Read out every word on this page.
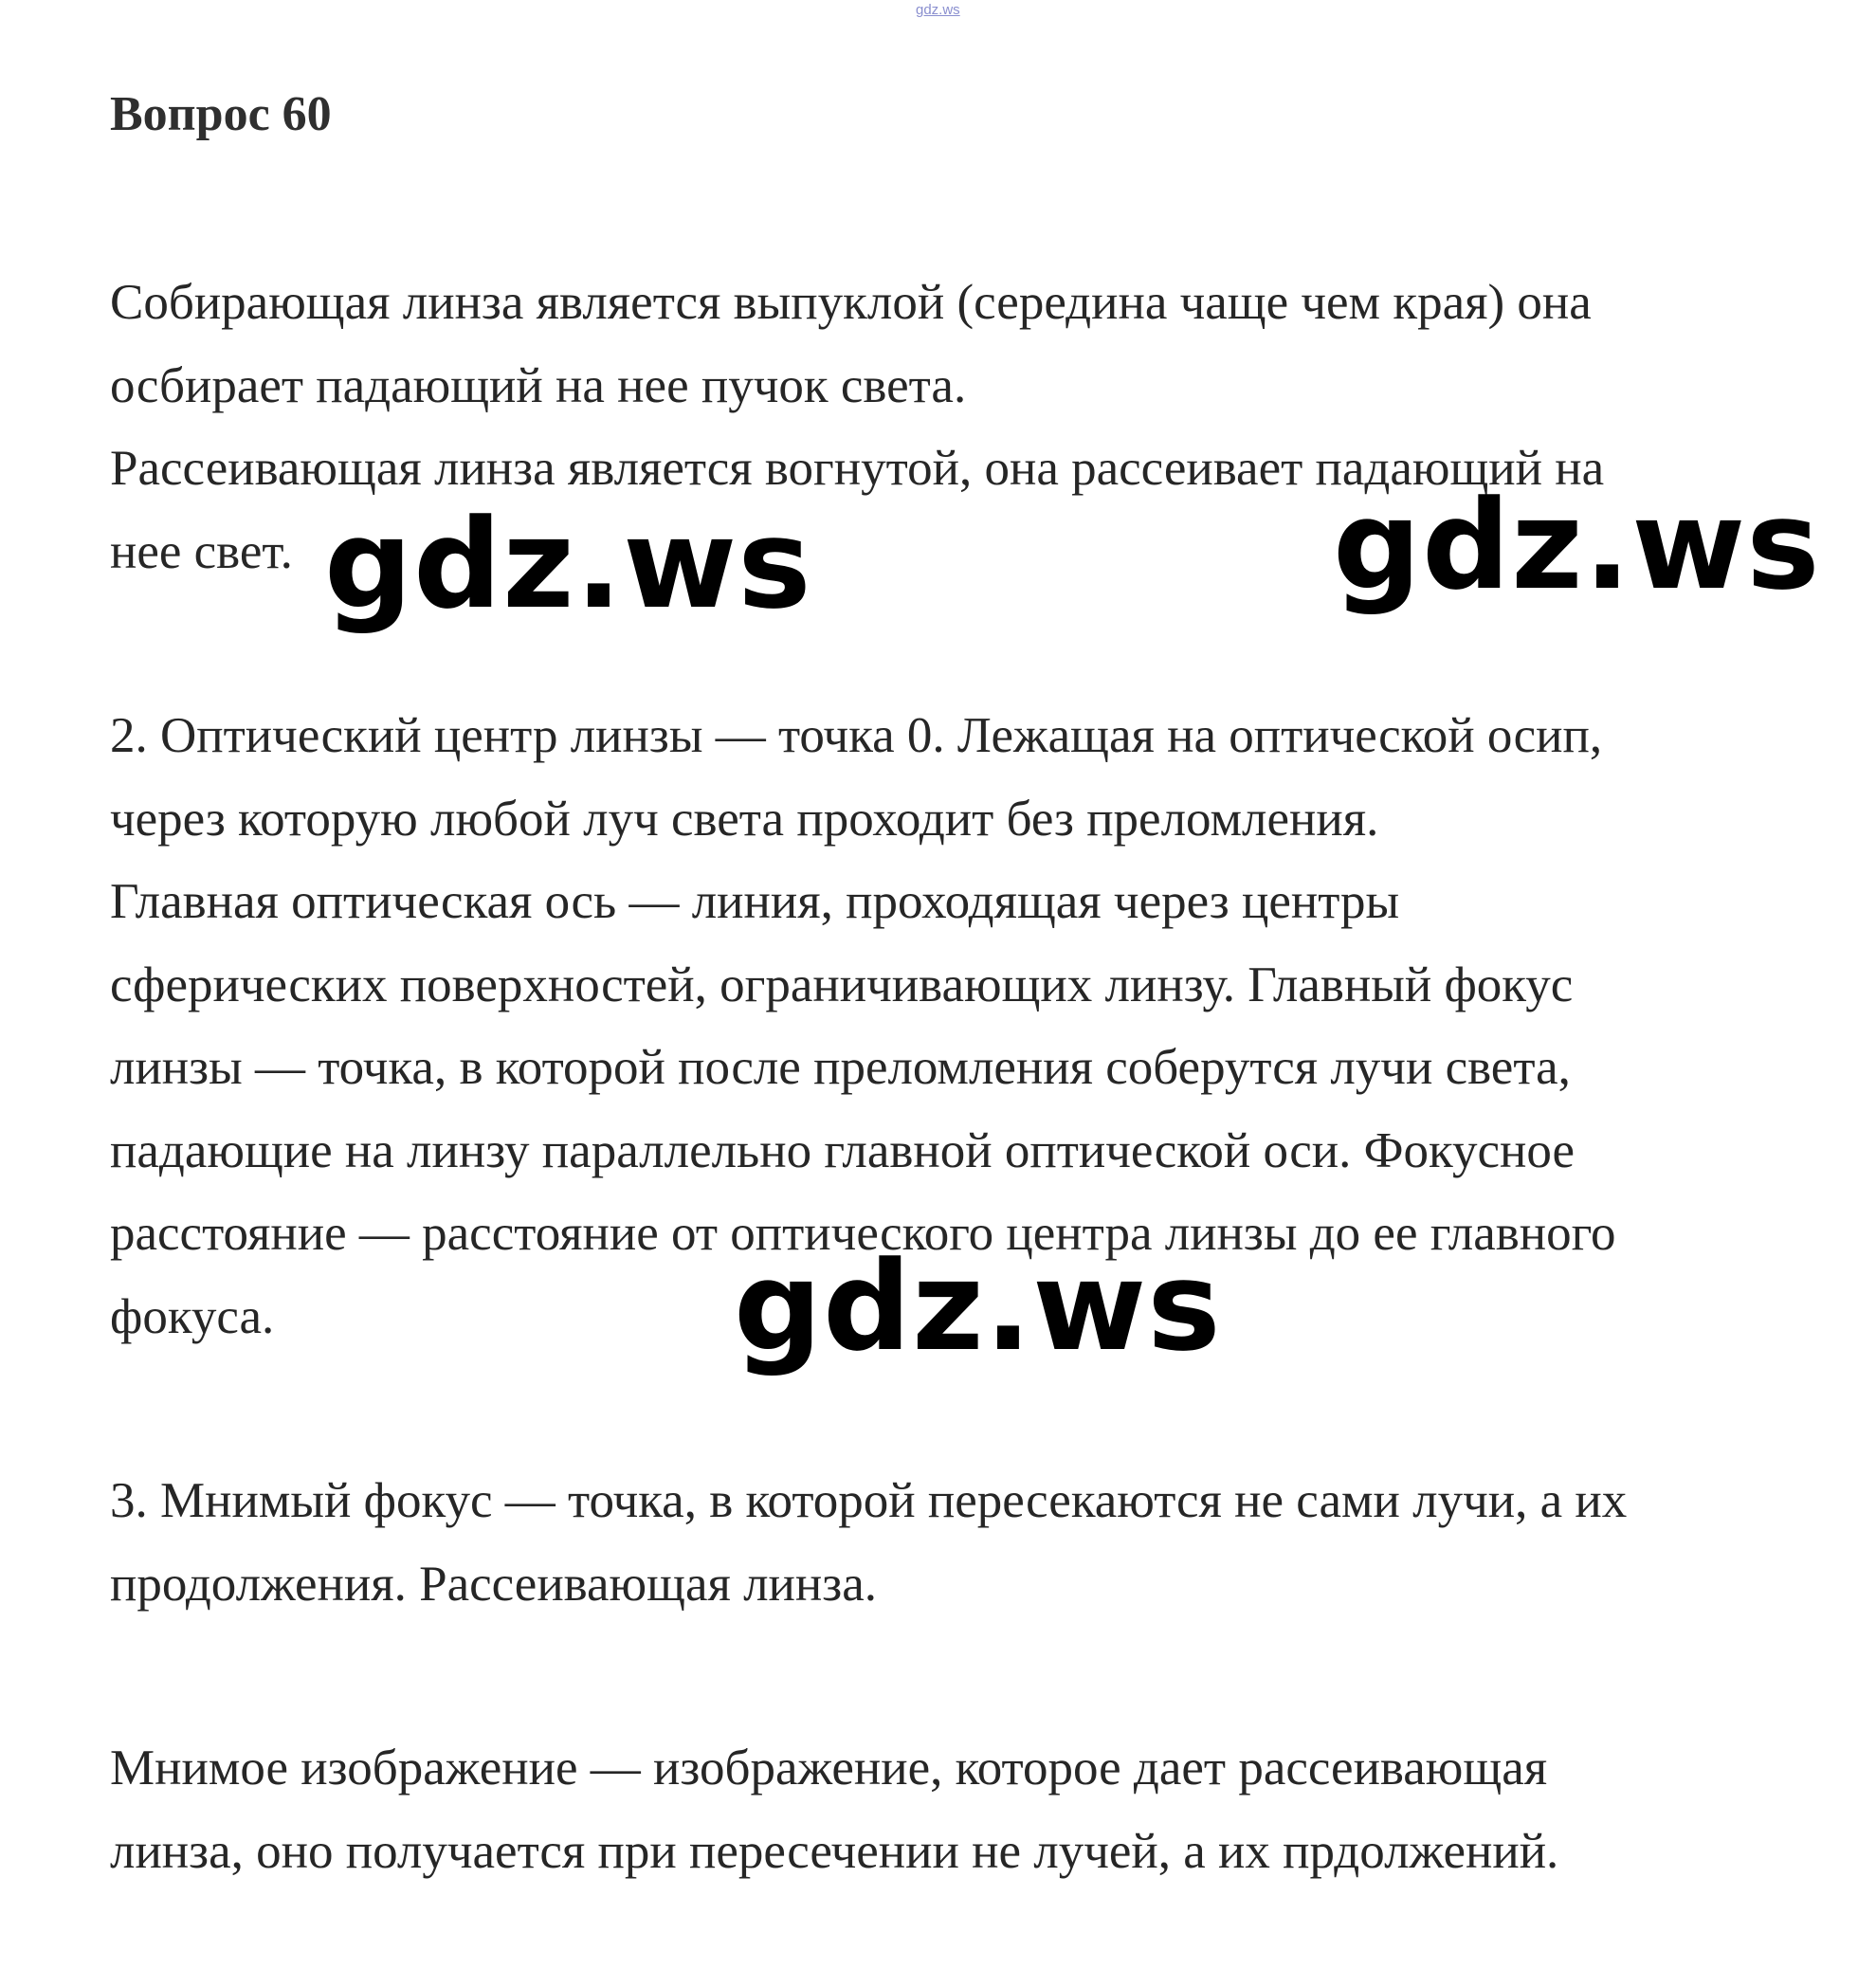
gdz.ws

Вопрос 60
Собирающая линза является выпуклой (середина чаще чем края) она
осбирает падающий на нее пучок света.
Рассеивающая линза является вогнутой, она рассеивает падающий на
нее свет.
2. Оптический центр линзы — точка 0. Лежащая на оптической осип,
через которую любой луч света проходит без преломления.
Главная оптическая ось — линия, проходящая через центры
сферических поверхностей, ограничивающих линзу. Главный фокус
линзы — точка, в которой после преломления соберутся лучи света,
падающие на линзу параллельно главной оптической оси. Фокусное
расстояние — расстояние от оптического центра линзы до ее главного
фокуса.
3. Мнимый фокус — точка, в которой пересекаются не сами лучи, а их
продолжения. Рассеивающая линза.
Мнимое изображение — изображение, которое дает рассеивающая
линза, оно получается при пересечении не лучей, а их прдолжений.

gdz.ws	gdz.ws

gdz.ws
